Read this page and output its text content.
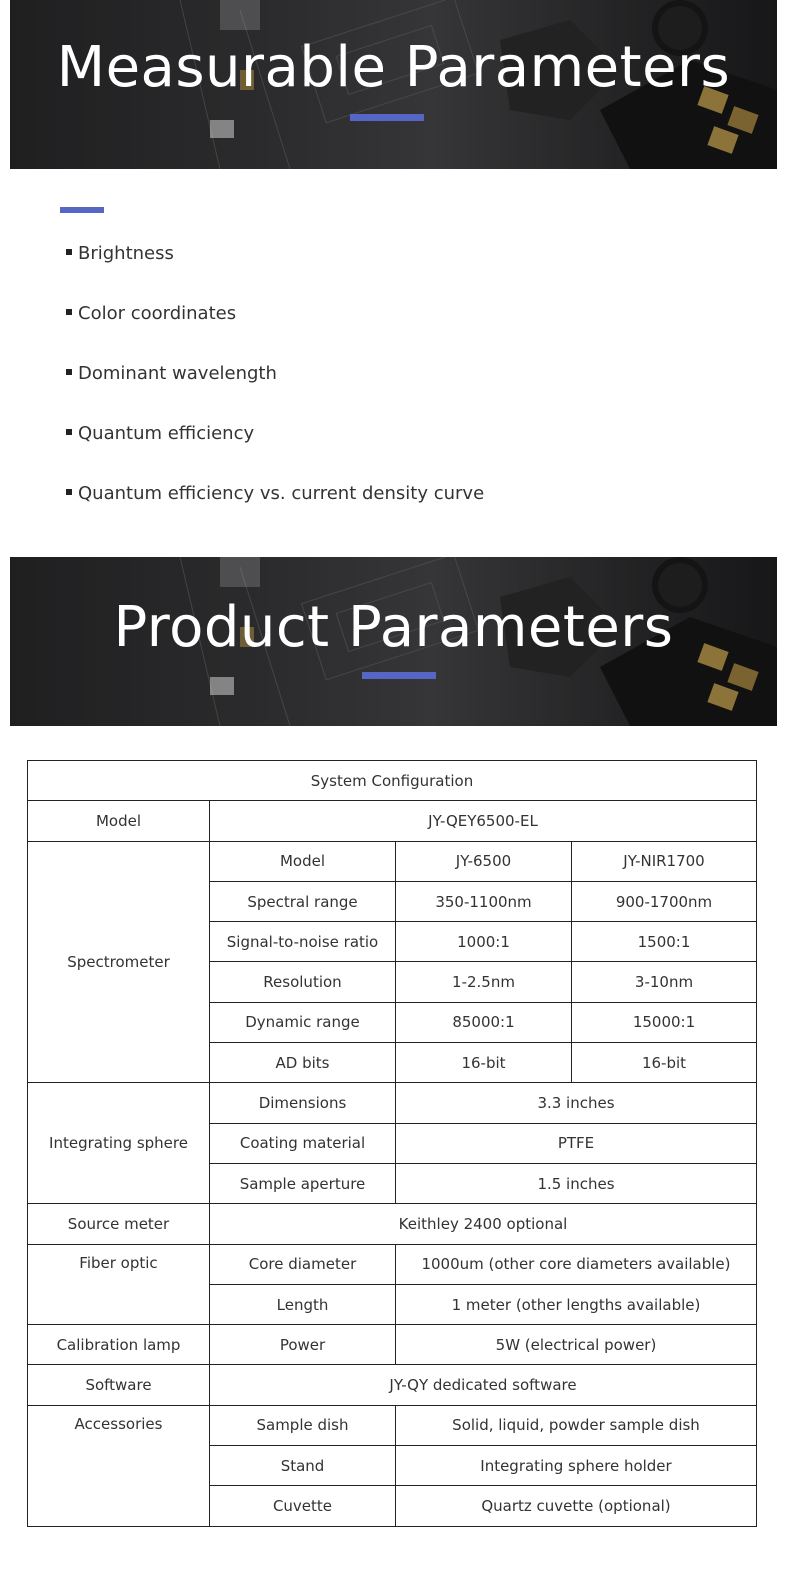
Measurable Parameters
Brightness
Color coordinates
Dominant wavelength
Quantum efficiency
Quantum efficiency vs. current density curve
Product Parameters
System Configuration			
Model	JY-QEY6500-EL		
Spectrometer	Model	JY-6500	JY-NIR1700
	Spectral range	350-1100nm	900-1700nm
	Signal-to-noise ratio	1000:1	1500:1
	Resolution	1-2.5nm	3-10nm
	Dynamic range	85000:1	15000:1
	AD bits	16-bit	16-bit
Integrating sphere	Dimensions	3.3 inches	
	Coating material	PTFE	
	Sample aperture	1.5 inches	
Source meter	Keithley 2400 optional		
Fiber optic	Core diameter	1000um (other core diameters available)	
	Length	1 meter (other lengths available)	
Calibration lamp	Power	5W (electrical power)	
Software	JY-QY dedicated software		
Accessories	Sample dish	Solid, liquid, powder sample dish	
	Stand	Integrating sphere holder	
	Cuvette	Quartz cuvette (optional)	
